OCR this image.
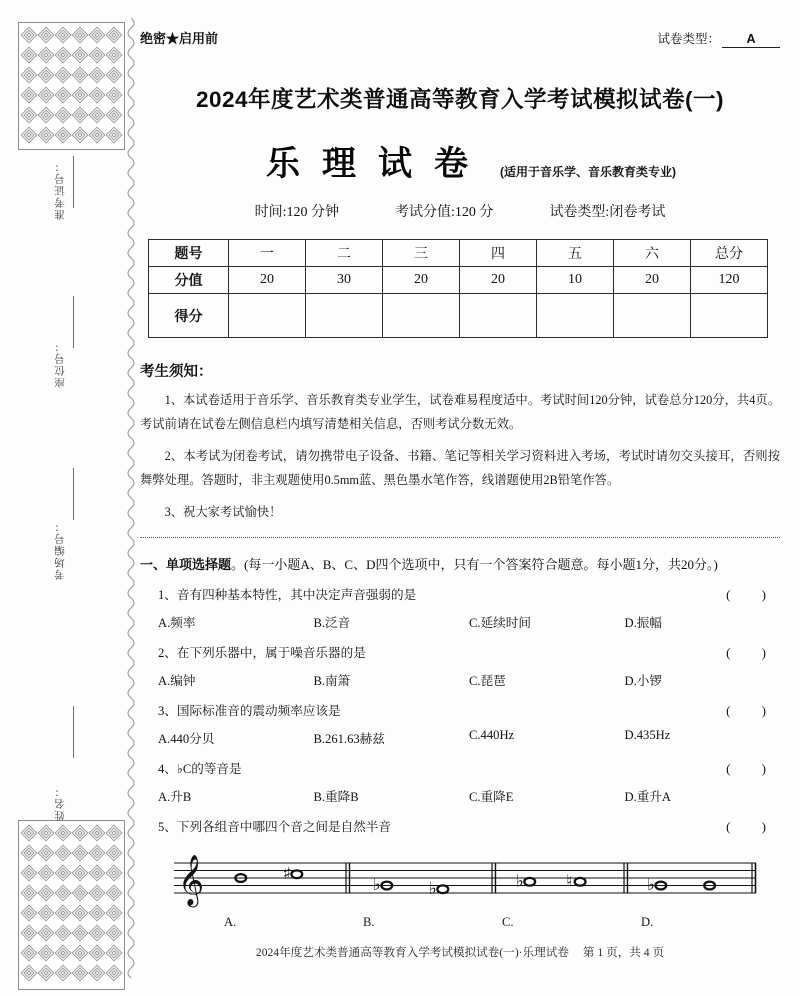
准考证号：
座位号：
考场编号：
姓名：
绝密★启用前	试卷类型：	A
2024年度艺术类普通高等教育入学考试模拟试卷(一)
乐理试卷 (适用于音乐学、音乐教育类专业)
时间:120 分钟	考试分值:120 分	试卷类型:闭卷考试
题号	一	二	三	四	五	六	总分
分值	20	30	20	20	10	20	120
得分							
考生须知：
1、本试卷适用于音乐学、音乐教育类专业学生，试卷难易程度适中。考试时间120分钟，试卷总分120分，共4页。考试前请在试卷左侧信息栏内填写清楚相关信息，否则考试分数无效。
2、本考试为闭卷考试，请勿携带电子设备、书籍、笔记等相关学习资料进入考场，考试时请勿交头接耳，否则按舞弊处理。答题时，非主观题使用0.5mm蓝、黑色墨水笔作答，线谱题使用2B铅笔作答。
3、祝大家考试愉快！
一、单项选择题。(每一小题A、B、C、D四个选项中，只有一个答案符合题意。每小题1分，共20分。)
1、音有四种基本特性，其中决定声音强弱的是	( )
A.频率	B.泛音	C.延续时间	D.振幅
2、在下列乐器中，属于噪音乐器的是	( )
A.编钟	B.南箫	C.琵琶	D.小锣
3、国际标准音的震动频率应该是	( )
A.440分贝	B.261.63赫兹	C.440Hz	D.435Hz
4、♭C的等音是	( )
A.升B	B.重降B	C.重降E	D.重升A
5、下列各组音中哪四个音之间是自然半音	( )
𝄞	♯
♭	♭	♭ ♮	♭
A.	B.	C.	D.
2024年度艺术类普通高等教育入学考试模拟试卷(一)·乐理试卷 第 1 页，共 4 页
